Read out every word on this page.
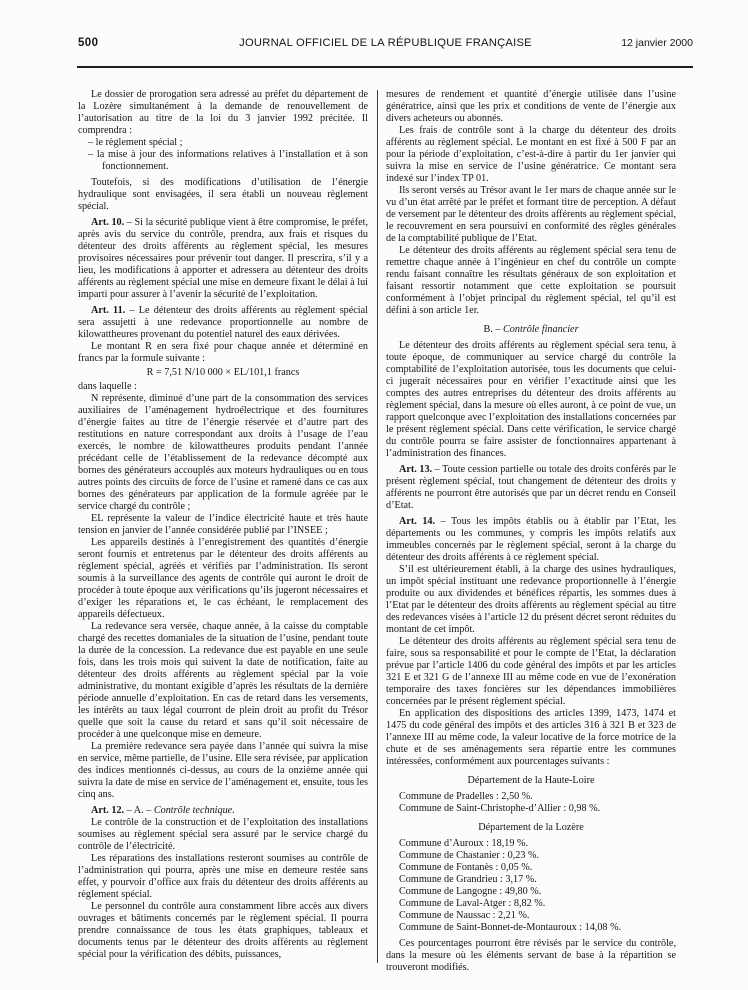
500	JOURNAL OFFICIEL DE LA RÉPUBLIQUE FRANÇAISE	12 janvier 2000

Le dossier de prorogation sera adressé au préfet du département de la Lozère simultanément à la demande de renouvellement de l’autorisation au titre de la loi du 3 janvier 1992 précitée. Il comprendra :

– le règlement spécial ;

– la mise à jour des informations relatives à l’installation et à son fonctionnement.

Toutefois, si des modifications d’utilisation de l’énergie hydraulique sont envisagées, il sera établi un nouveau règlement spécial.

Art. 10. – Si la sécurité publique vient à être compromise, le préfet, après avis du service du contrôle, prendra, aux frais et risques du détenteur des droits afférents au règlement spécial, les mesures provisoires nécessaires pour prévenir tout danger. Il prescrira, s’il y a lieu, les modifications à apporter et adressera au détenteur des droits afférents au règlement spécial une mise en demeure fixant le délai à lui imparti pour assurer à l’avenir la sécurité de l’exploitation.

Art. 11. – Le détenteur des droits afférents au règlement spécial sera assujetti à une redevance proportionnelle au nombre de kilowattheures provenant du potentiel naturel des eaux dérivées.

Le montant R en sera fixé pour chaque année et déterminé en francs par la formule suivante :

R = 7,51 N/10 000 × EL/101,1 francs

dans laquelle :

N représente, diminué d’une part de la consommation des services auxiliaires de l’aménagement hydroélectrique et des fournitures d’énergie faites au titre de l’énergie réservée et d’autre part des restitutions en nature correspondant aux droits à l’usage de l’eau exercés, le nombre de kilowattheures produits pendant l’année précédant celle de l’établissement de la redevance décompté aux bornes des générateurs accouplés aux moteurs hydrauliques ou en tous autres points des circuits de force de l’usine et ramené dans ce cas aux bornes des générateurs par application de la formule agréée par le service chargé du contrôle ;

EL représente la valeur de l’indice électricité haute et très haute tension en janvier de l’année considérée publié par l’INSEE ;

Les appareils destinés à l’enregistrement des quantités d’énergie seront fournis et entretenus par le détenteur des droits afférents au règlement spécial, agréés et vérifiés par l’administration. Ils seront soumis à la surveillance des agents de contrôle qui auront le droit de procéder à toute époque aux vérifications qu’ils jugeront nécessaires et d’exiger les réparations et, le cas échéant, le remplacement des appareils défectueux.

La redevance sera versée, chaque année, à la caisse du comptable chargé des recettes domaniales de la situation de l’usine, pendant toute la durée de la concession. La redevance due est payable en une seule fois, dans les trois mois qui suivent la date de notification, faite au détenteur des droits afférents au règlement spécial par la voie administrative, du montant exigible d’après les résultats de la dernière période annuelle d’exploitation. En cas de retard dans les versements, les intérêts au taux légal courront de plein droit au profit du Trésor quelle que soit la cause du retard et sans qu’il soit nécessaire de procéder à une quelconque mise en demeure.

La première redevance sera payée dans l’année qui suivra la mise en service, même partielle, de l’usine. Elle sera révisée, par application des indices mentionnés ci-dessus, au cours de la onzième année qui suivra la date de mise en service de l’aménagement et, ensuite, tous les cinq ans.

Art. 12. – A. – Contrôle technique.

Le contrôle de la construction et de l’exploitation des installations soumises au règlement spécial sera assuré par le service chargé du contrôle de l’électricité.

Les réparations des installations resteront soumises au contrôle de l’administration qui pourra, après une mise en demeure restée sans effet, y pourvoir d’office aux frais du détenteur des droits afférents au règlement spécial.

Le personnel du contrôle aura constamment libre accès aux divers ouvrages et bâtiments concernés par le règlement spécial. Il pourra prendre connaissance de tous les états graphiques, tableaux et documents tenus par le détenteur des droits afférents au règlement spécial pour la vérification des débits, puissances,

mesures de rendement et quantité d’énergie utilisée dans l’usine génératrice, ainsi que les prix et conditions de vente de l’énergie aux divers acheteurs ou abonnés.

Les frais de contrôle sont à la charge du détenteur des droits afférents au règlement spécial. Le montant en est fixé à 500 F par an pour la période d’exploitation, c’est-à-dire à partir du 1er janvier qui suivra la mise en service de l’usine génératrice. Ce montant sera indexé sur l’index TP 01.

Ils seront versés au Trésor avant le 1er mars de chaque année sur le vu d’un état arrêté par le préfet et formant titre de perception. A défaut de versement par le détenteur des droits afférents au règlement spécial, le recouvrement en sera poursuivi en conformité des règles générales de la comptabilité publique de l’Etat.

Le détenteur des droits afférents au règlement spécial sera tenu de remettre chaque année à l’ingénieur en chef du contrôle un compte rendu faisant connaître les résultats généraux de son exploitation et faisant ressortir notamment que cette exploitation se poursuit conformément à l’objet principal du règlement spécial, tel qu’il est défini à son article 1er.

B. – Contrôle financier

Le détenteur des droits afférents au règlement spécial sera tenu, à toute époque, de communiquer au service chargé du contrôle la comptabilité de l’exploitation autorisée, tous les documents que celui-ci jugerait nécessaires pour en vérifier l’exactitude ainsi que les comptes des autres entreprises du détenteur des droits afférents au règlement spécial, dans la mesure où elles auront, à ce point de vue, un rapport quelconque avec l’exploitation des installations concernées par le présent règlement spécial. Dans cette vérification, le service chargé du contrôle pourra se faire assister de fonctionnaires appartenant à l’administration des finances.

Art. 13. – Toute cession partielle ou totale des droits conférés par le présent règlement spécial, tout changement de détenteur des droits y afférents ne pourront être autorisés que par un décret rendu en Conseil d’Etat.

Art. 14. – Tous les impôts établis ou à établir par l’Etat, les départements ou les communes, y compris les impôts relatifs aux immeubles concernés par le règlement spécial, seront à la charge du détenteur des droits afférents à ce règlement spécial.

S’il est ultérieurement établi, à la charge des usines hydrauliques, un impôt spécial instituant une redevance proportionnelle à l’énergie produite ou aux dividendes et bénéfices répartis, les sommes dues à l’Etat par le détenteur des droits afférents au règlement spécial au titre des redevances visées à l’article 12 du présent décret seront réduites du montant de cet impôt.

Le détenteur des droits afférents au règlement spécial sera tenu de faire, sous sa responsabilité et pour le compte de l’Etat, la déclaration prévue par l’article 1406 du code général des impôts et par les articles 321 E et 321 G de l’annexe III au même code en vue de l’exonération temporaire des taxes foncières sur les dépendances immobilières concernées par le présent règlement spécial.

En application des dispositions des articles 1399, 1473, 1474 et 1475 du code général des impôts et des articles 316 à 321 B et 323 de l’annexe III au même code, la valeur locative de la force motrice de la chute et de ses aménagements sera répartie entre les communes intéressées, conformément aux pourcentages suivants :

Département de la Haute-Loire

Commune de Pradelles : 2,50 %.

Commune de Saint-Christophe-d’Allier : 0,98 %.

Département de la Lozère

Commune d’Auroux : 18,19 %.

Commune de Chastanier : 0,23 %.

Commune de Fontanès : 0,05 %.

Commune de Grandrieu : 3,17 %.

Commune de Langogne : 49,80 %.

Commune de Laval-Atger : 8,82 %.

Commune de Naussac : 2,21 %.

Commune de Saint-Bonnet-de-Montauroux : 14,08 %.

Ces pourcentages pourront être révisés par le service du contrôle, dans la mesure où les éléments servant de base à la répartition se trouveront modifiés.
